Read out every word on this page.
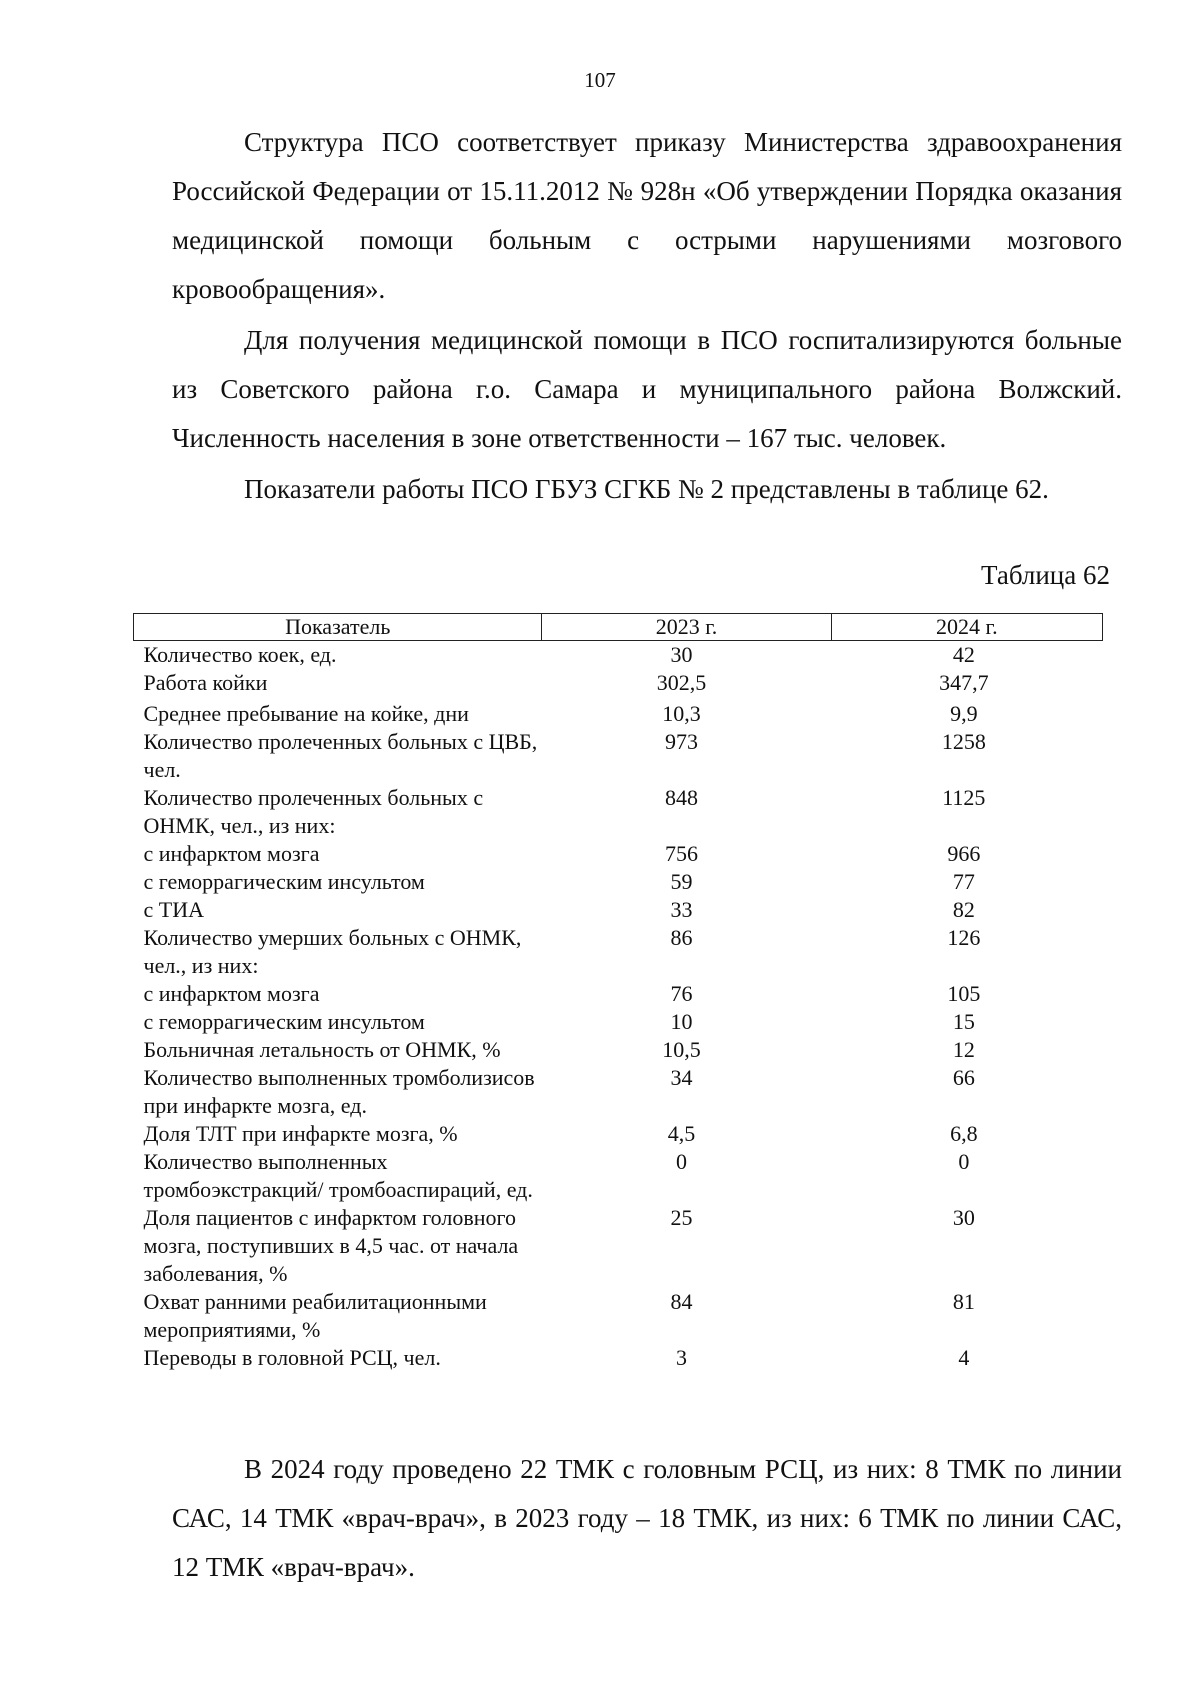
107

Структура ПСО соответствует приказу Министерства здравоохранения Российской Федерации от 15.11.2012 № 928н «Об утверждении Порядка оказания медицинской помощи больным с острыми нарушениями мозгового кровообращения».

Для получения медицинской помощи в ПСО госпитализируются больные из Советского района г.о. Самара и муниципального района Волжский. Численность населения в зоне ответственности – 167 тыс. человек.

Показатели работы ПСО ГБУЗ СГКБ № 2 представлены в таблице 62.

Таблица 62
Показатель	2023 г.	2024 г.
Количество коек, ед.	30	42
Работа койки	302,5	347,7
Среднее пребывание на койке, дни	10,3	9,9
Количество пролеченных больных с ЦВБ, чел.	973	1258
Количество пролеченных больных с ОНМК, чел., из них:	848	1125
с инфарктом мозга	756	966
с геморрагическим инсультом	59	77
с ТИА	33	82
Количество умерших больных с ОНМК, чел., из них:	86	126
с инфарктом мозга	76	105
с геморрагическим инсультом	10	15
Больничная летальность от ОНМК, %	10,5	12
Количество выполненных тромболизисов при инфаркте мозга, ед.	34	66
Доля ТЛТ при инфаркте мозга, %	4,5	6,8
Количество выполненных тромбоэкстракций/ тромбоаспираций, ед.	0	0
Доля пациентов с инфарктом головного мозга, поступивших в 4,5 час. от начала заболевания, %	25	30
Охват ранними реабилитационными мероприятиями, %	84	81
Переводы в головной РСЦ, чел.	3	4

В 2024 году проведено 22 ТМК с головным РСЦ, из них: 8 ТМК по линии САС, 14 ТМК «врач-врач», в 2023 году – 18 ТМК, из них: 6 ТМК по линии САС, 12 ТМК «врач-врач».
